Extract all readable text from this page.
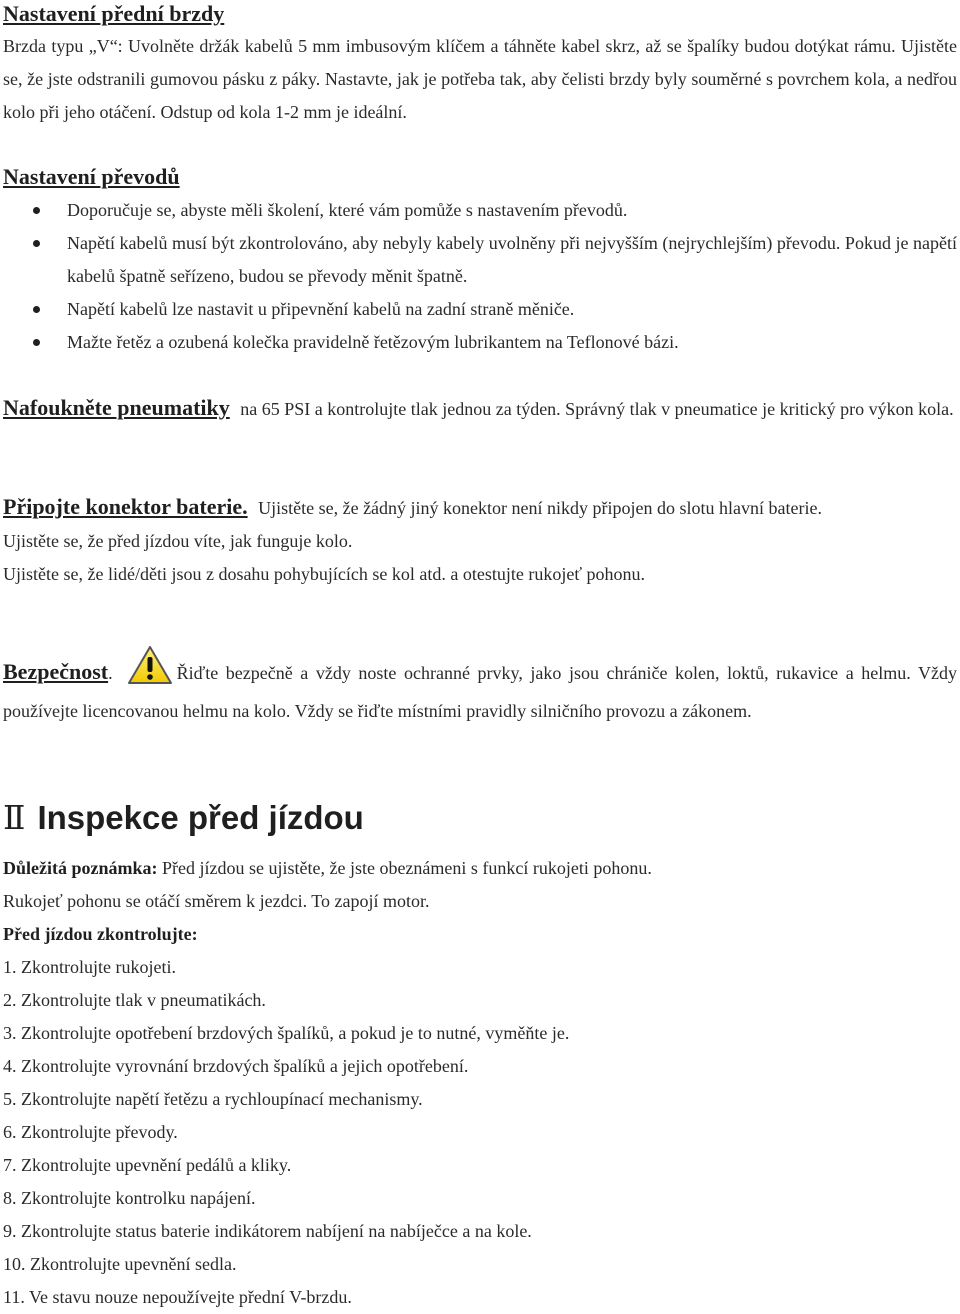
Nastavení přední brzdy
Brzda typu „V“: Uvolněte držák kabelů 5 mm imbusovým klíčem a táhněte kabel skrz, až se špalíky budou dotýkat rámu. Ujistěte se, že jste odstranili gumovou pásku z páky. Nastavte, jak je potřeba tak, aby čelisti brzdy byly souměrné s povrchem kola, a nedřou kolo při jeho otáčení. Odstup od kola 1-2 mm je ideální.
Nastavení převodů
Doporučuje se, abyste měli školení, které vám pomůže s nastavením převodů.
Napětí kabelů musí být zkontrolováno, aby nebyly kabely uvolněny při nejvyšším (nejrychlejším) převodu. Pokud je napětí kabelů špatně seřízeno, budou se převody měnit špatně.
Napětí kabelů lze nastavit u připevnění kabelů na zadní straně měniče.
Mažte řetěz a ozubená kolečka pravidelně řetězovým lubrikantem na Teflonové bázi.
Nafoukněte pneumatiky na 65 PSI a kontrolujte tlak jednou za týden. Správný tlak v pneumatice je kritický pro výkon kola.
Připojte konektor baterie. Ujistěte se, že žádný jiný konektor není nikdy připojen do slotu hlavní baterie.
Ujistěte se, že před jízdou víte, jak funguje kolo.
Ujistěte se, že lidé/děti jsou z dosahu pohybujících se kol atd. a otestujte rukojeť pohonu.
Bezpečnost.	Řiďte bezpečně a vždy noste ochranné prvky, jako jsou chrániče kolen, loktů, rukavice a helmu. Vždy používejte licencovanou helmu na kolo. Vždy se řiďte místními pravidly silničního provozu a zákonem.
Ⅱ Inspekce před jízdou
Důležitá poznámka: Před jízdou se ujistěte, že jste obeznámeni s funkcí rukojeti pohonu.
Rukojeť pohonu se otáčí směrem k jezdci. To zapojí motor.
Před jízdou zkontrolujte:
1. Zkontrolujte rukojeti.
2. Zkontrolujte tlak v pneumatikách.
3. Zkontrolujte opotřebení brzdových špalíků, a pokud je to nutné, vyměňte je.
4. Zkontrolujte vyrovnání brzdových špalíků a jejich opotřebení.
5. Zkontrolujte napětí řetězu a rychloupínací mechanismy.
6. Zkontrolujte převody.
7. Zkontrolujte upevnění pedálů a kliky.
8. Zkontrolujte kontrolku napájení.
9. Zkontrolujte status baterie indikátorem nabíjení na nabíječce a na kole.
10. Zkontrolujte upevnění sedla.
11. Ve stavu nouze nepoužívejte přední V-brzdu.
